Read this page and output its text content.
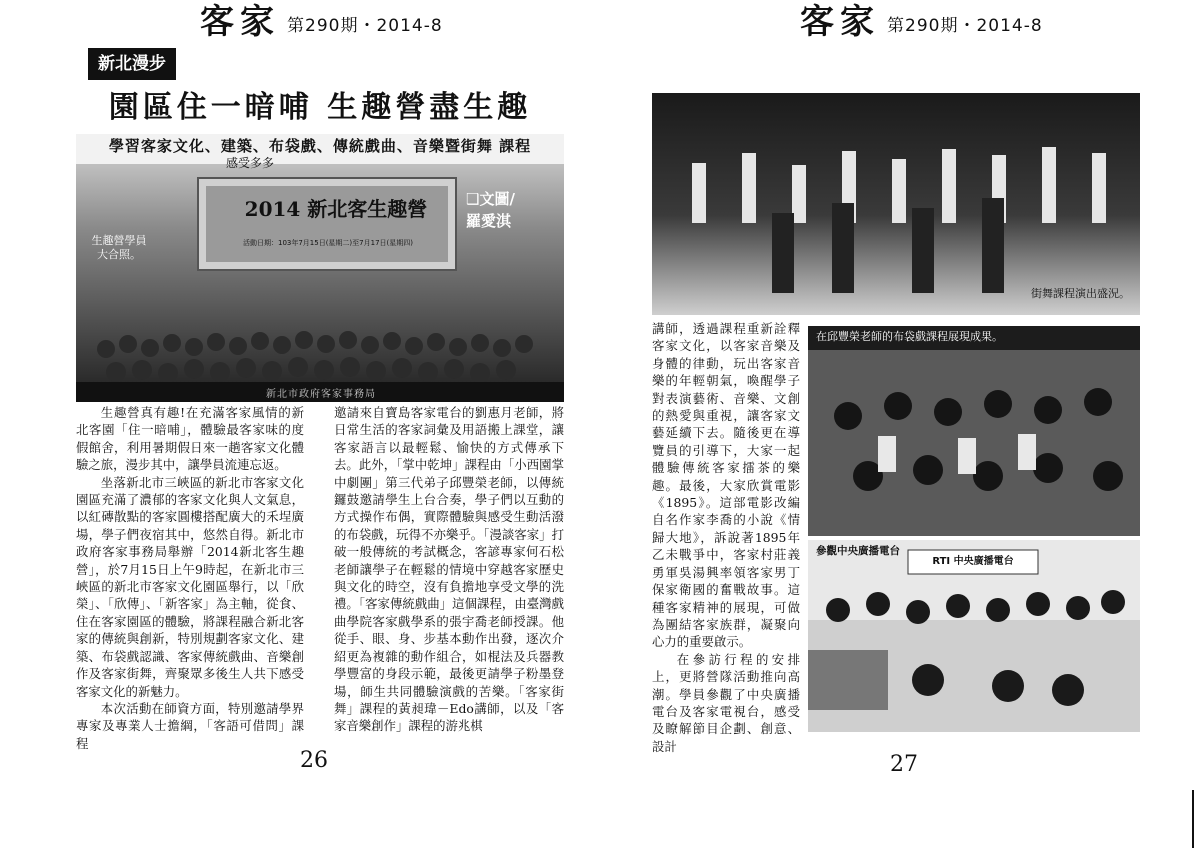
客家 第290期・2014-8
新北漫步
園區住一暗哺 生趣營盡生趣
學習客家文化、建築、布袋戲、傳統戲曲、音樂暨街舞 課程
感受多多
2014 新北客生趣營
活動日期：103年7月15日(星期二)至7月17日(星期四)
新北市政府客家事務局
生趣營學員大合照。
❑文圖/
羅愛淇

生趣營真有趣!在充滿客家風情的新北客園「住一暗哺」，體驗最客家味的度假館舍，利用暑期假日來一趟客家文化體驗之旅，漫步其中，讓學員流連忘返。

坐落新北市三峽區的新北市客家文化園區充滿了濃郁的客家文化與人文氣息，以紅磚散點的客家圓樓搭配廣大的禾埕廣場，學子們夜宿其中，悠然自得。新北市政府客家事務局舉辦「2014新北客生趣營」，於7月15日上午9時起，在新北市三峽區的新北市客家文化園區舉行，以「欣榮」、「欣傳」、「新客家」為主軸，從食、住在客家園區的體驗，將課程融合新北客家的傳統與創新，特別規劃客家文化、建築、布袋戲認識、客家傳統戲曲、音樂創作及客家街舞，齊聚眾多後生人共下感受客家文化的新魅力。

本次活動在師資方面，特別邀請學界專家及專業人士擔綱，「客語可借問」課程

邀請來自寶島客家電台的劉惠月老師，將日常生活的客家詞彙及用語搬上課堂，讓客家語言以最輕鬆、愉快的方式傳承下去。此外，「掌中乾坤」課程由「小西園掌中劇團」第三代弟子邱豐榮老師，以傳統鑼鼓邀請學生上台合奏，學子們以互動的方式操作布偶，實際體驗與感受生動活潑的布袋戲，玩得不亦樂乎。「漫談客家」打破一般傳統的考試概念，客諺專家何石松老師讓學子在輕鬆的情境中穿越客家歷史與文化的時空，沒有負擔地享受文學的洗禮。「客家傳統戲曲」這個課程，由臺灣戲曲學院客家戲學系的張宇喬老師授課。他從手、眼、身、步基本動作出發，逐次介紹更為複雜的動作組合，如棍法及兵器教學豐富的身段示範，最後更請學子粉墨登場，師生共同體驗演戲的苦樂。「客家街舞」課程的黃昶瑋－Edo講師，以及「客家音樂創作」課程的游兆棋

26
客家 第290期・2014-8
街舞課程演出盛況。
在邱豐榮老師的布袋戲課程展現成果。
參觀中央廣播電台
RTI 中央廣播電台

講師，透過課程重新詮釋客家文化，以客家音樂及身體的律動，玩出客家音樂的年輕朝氣，喚醒學子對表演藝術、音樂、文創的熱愛與重視，讓客家文藝延續下去。隨後更在導覽員的引導下，大家一起體驗傳統客家擂茶的樂趣。最後，大家欣賞電影《1895》。這部電影改編自名作家李喬的小說《情歸大地》，訴說著1895年乙未戰爭中，客家村莊義勇軍吳湯興率領客家男丁保家衛國的奮戰故事。這種客家精神的展現，可做為團結客家族群，凝聚向心力的重要啟示。

在參訪行程的安排上，更將營隊活動推向高潮。學員參觀了中央廣播電台及客家電視台，感受及瞭解節目企劃、創意、設計

27
